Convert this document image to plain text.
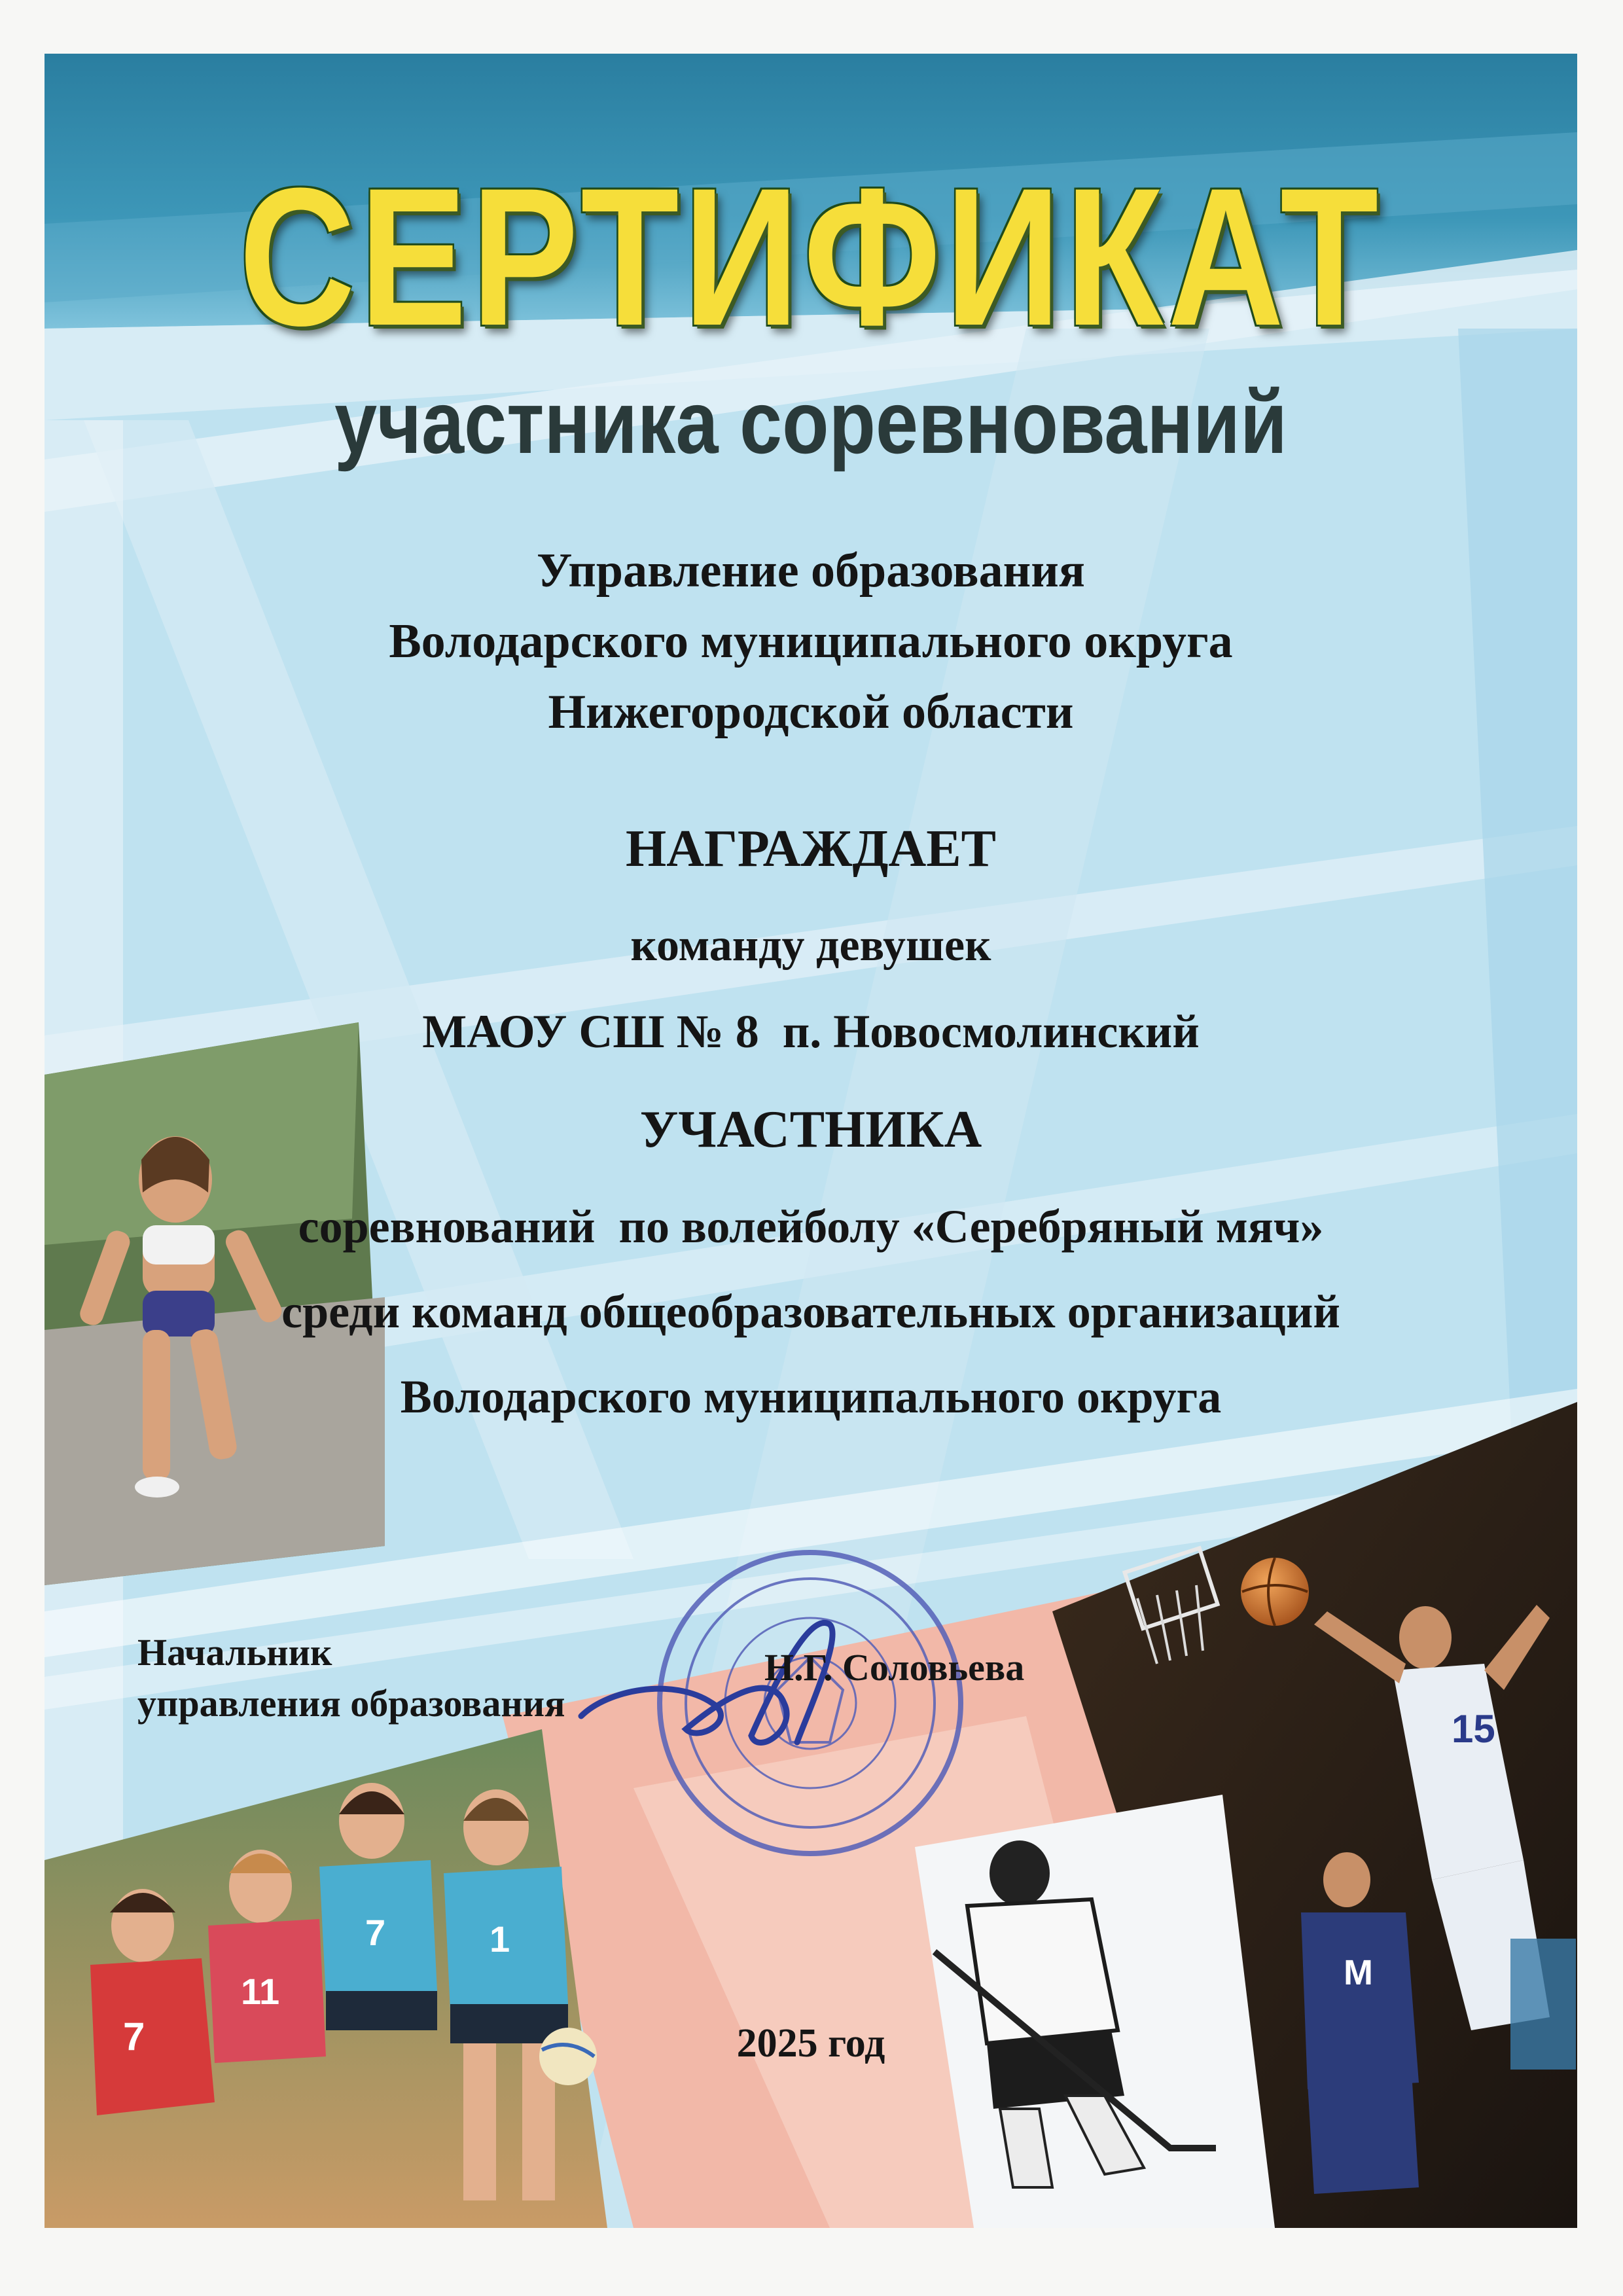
15
M
7
11
7	1
СЕРТИФИКАТ
участника соревнований
Управление образования
Володарского муниципального округа
Нижегородской области
НАГРАЖДАЕТ
команду девушек
МАОУ СШ № 8  п. Новосмолинский
УЧАСТНИКА
соревнований  по волейболу «Серебряный мяч»
среди команд общеобразовательных организаций
Володарского муниципального округа
Начальник
управления образования
Н.Г. Соловьева
2025 год
